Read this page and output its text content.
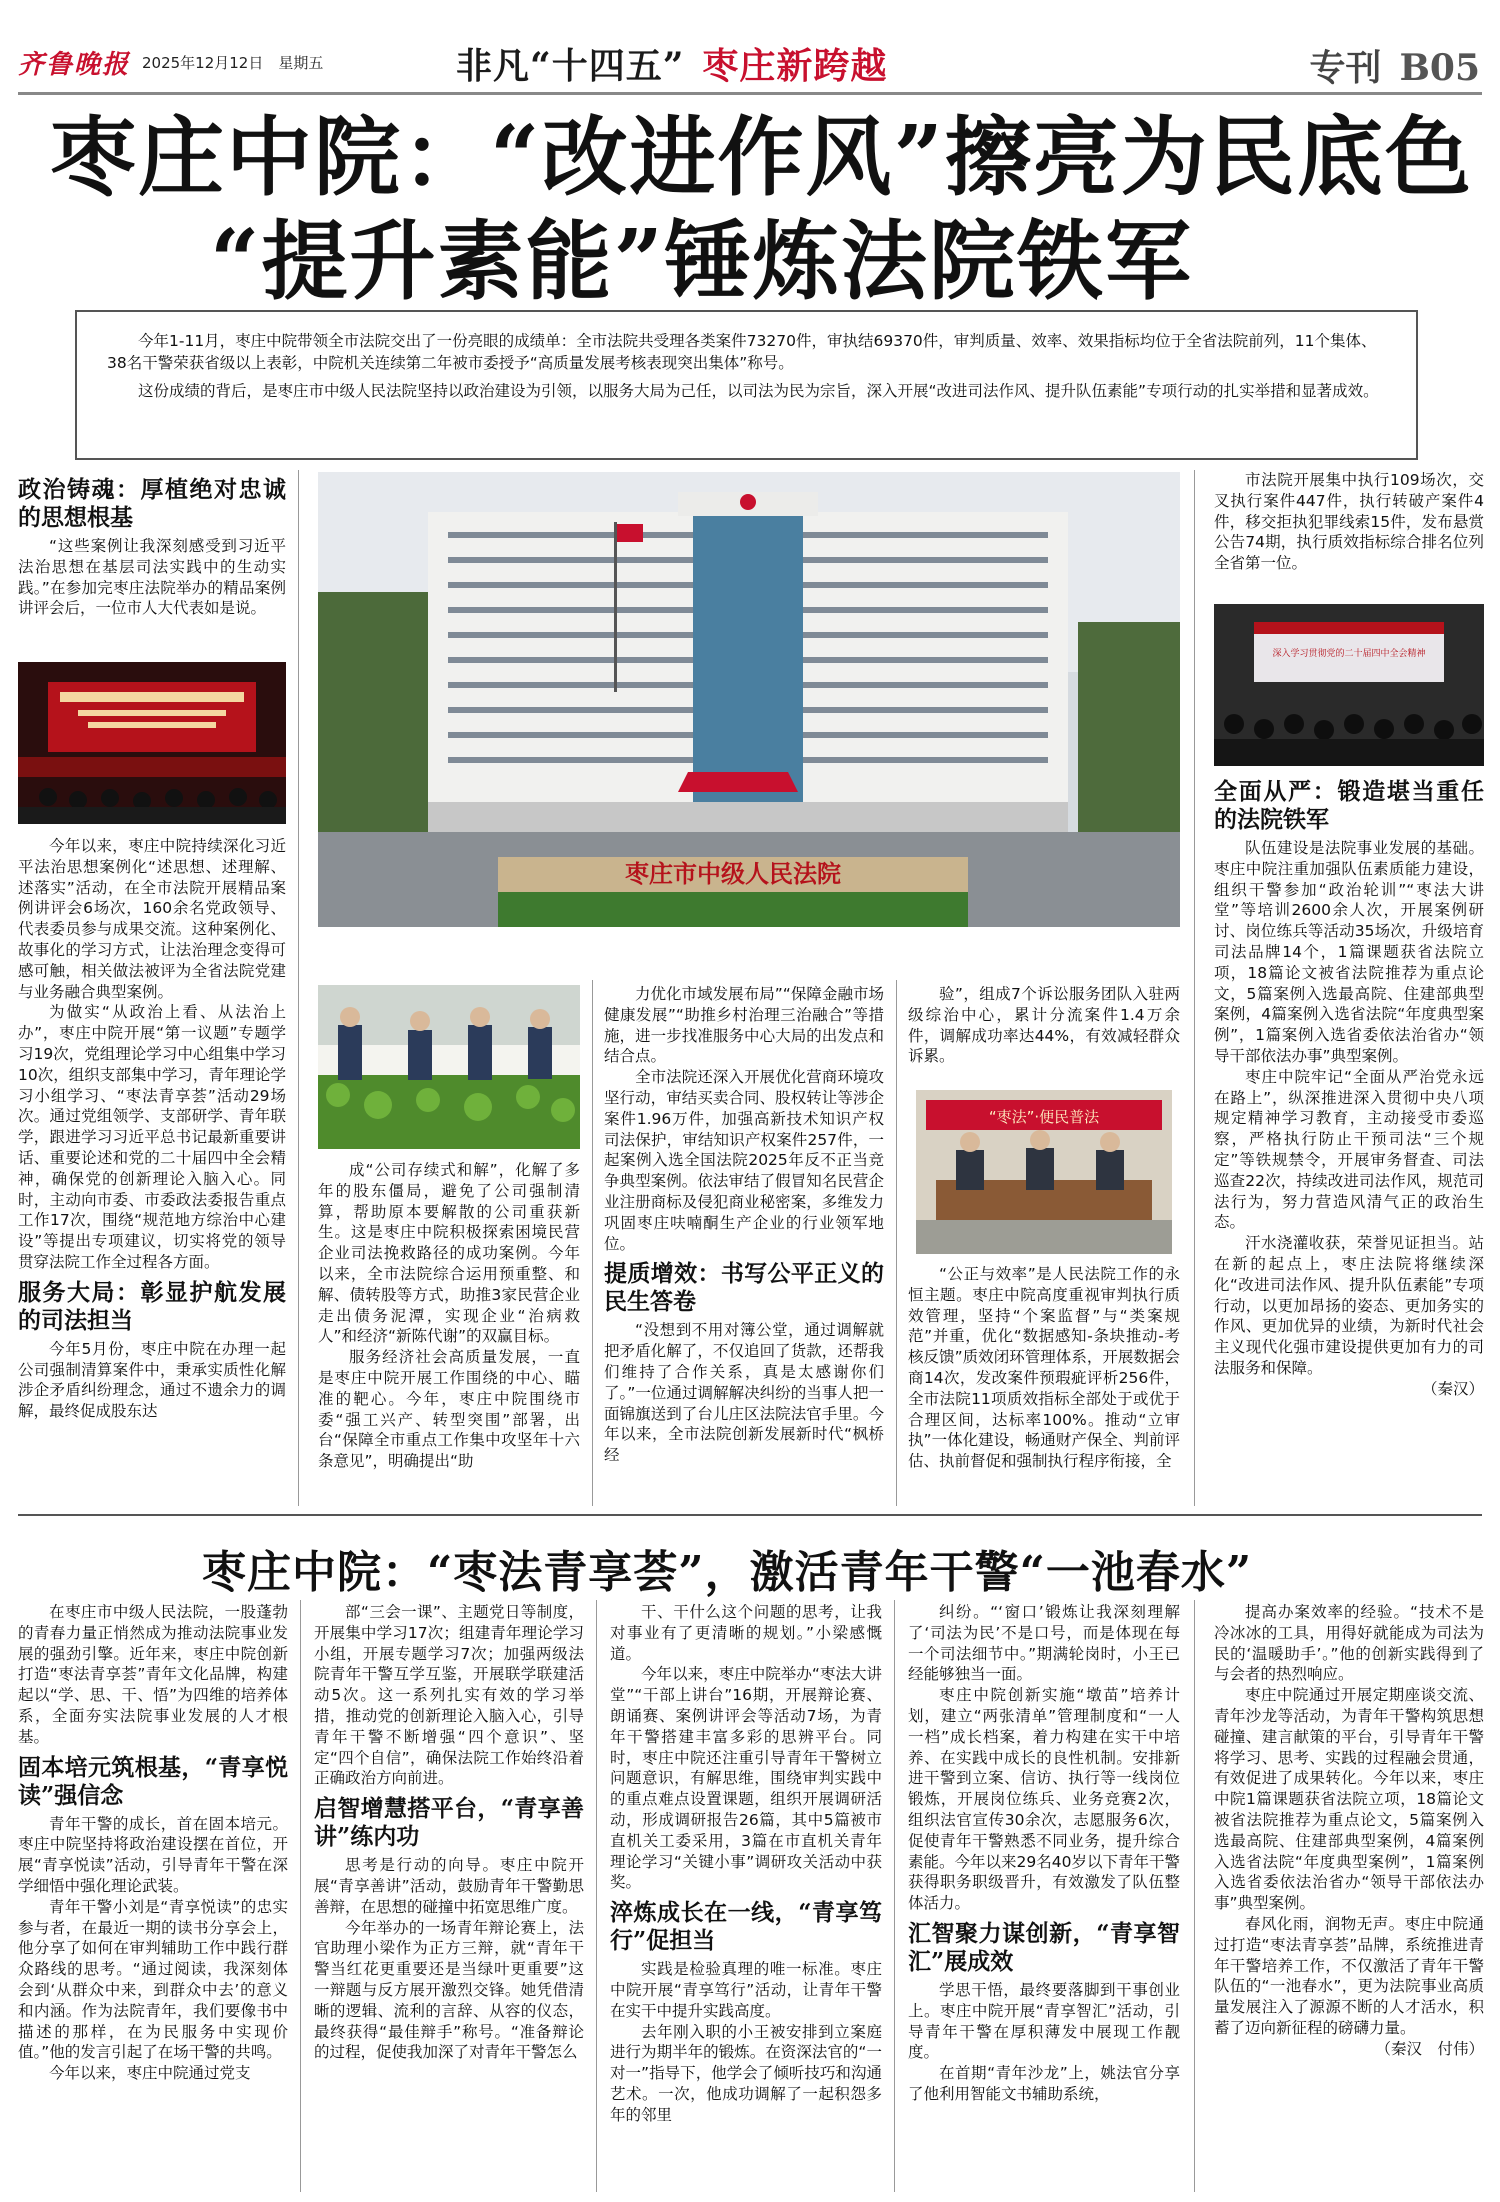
齐鲁晚报 2025年12月12日　 星期五	非凡“十四五” 枣庄新跨越	专刊 B05
枣庄中院：“改进作风”擦亮为民底色
“提升素能”锤炼法院铁军

今年1-11月，枣庄中院带领全市法院交出了一份亮眼的成绩单：全市法院共受理各类案件73270件，审执结69370件，审判质量、效率、效果指标均位于全省法院前列，11个集体、38名干警荣获省级以上表彰，中院机关连续第二年被市委授予“高质量发展考核表现突出集体”称号。

这份成绩的背后，是枣庄市中级人民法院坚持以政治建设为引领，以服务大局为己任，以司法为民为宗旨，深入开展“改进司法作风、提升队伍素能”专项行动的扎实举措和显著成效。

政治铸魂：厚植绝对忠诚的思想根基

“这些案例让我深刻感受到习近平法治思想在基层司法实践中的生动实践。”在参加完枣庄法院举办的精品案例讲评会后，一位市人大代表如是说。

今年以来，枣庄中院持续深化习近平法治思想案例化“述思想、述理解、述落实”活动，在全市法院开展精品案例讲评会6场次，160余名党政领导、代表委员参与成果交流。这种案例化、故事化的学习方式，让法治理念变得可感可触，相关做法被评为全省法院党建与业务融合典型案例。

为做实“从政治上看、从法治上办”，枣庄中院开展“第一议题”专题学习19次，党组理论学习中心组集中学习10次，组织支部集中学习，青年理论学习小组学习、“枣法青享荟”活动29场次。通过党组领学、支部研学、青年联学，跟进学习习近平总书记最新重要讲话、重要论述和党的二十届四中全会精神，确保党的创新理论入脑入心。同时，主动向市委、市委政法委报告重点工作17次，围绕“规范地方综治中心建设”等提出专项建议，切实将党的领导贯穿法院工作全过程各方面。

服务大局：彰显护航发展的司法担当

今年5月份，枣庄中院在办理一起公司强制清算案件中，秉承实质性化解涉企矛盾纠纷理念，通过不遗余力的调解，最终促成股东达

枣庄市中级人民法院

成“公司存续式和解”，化解了多年的股东僵局，避免了公司强制清算，帮助原本要解散的公司重获新生。这是枣庄中院积极探索困境民营企业司法挽救路径的成功案例。今年以来，全市法院综合运用预重整、和解、债转股等方式，助推3家民营企业走出债务泥潭，实现企业“治病救人”和经济“新陈代谢”的双赢目标。

服务经济社会高质量发展，一直是枣庄中院开展工作围绕的中心、瞄准的靶心。今年，枣庄中院围绕市委“强工兴产、转型突围”部署，出台“保障全市重点工作集中攻坚年十六条意见”，明确提出“助

力优化市域发展布局”“保障金融市场健康发展”“助推乡村治理三治融合”等措施，进一步找准服务中心大局的出发点和结合点。

全市法院还深入开展优化营商环境攻坚行动，审结买卖合同、股权转让等涉企案件1.96万件，加强高新技术知识产权司法保护，审结知识产权案件257件，一起案例入选全国法院2025年反不正当竞争典型案例。依法审结了假冒知名民营企业注册商标及侵犯商业秘密案，多维发力巩固枣庄呋喃酮生产企业的行业领军地位。

提质增效：书写公平正义的民生答卷

“没想到不用对簿公堂，通过调解就把矛盾化解了，不仅追回了货款，还帮我们维持了合作关系，真是太感谢你们了。”一位通过调解解决纠纷的当事人把一面锦旗送到了台儿庄区法院法官手里。今年以来，全市法院创新发展新时代“枫桥经

验”，组成7个诉讼服务团队入驻两级综治中心，累计分流案件1.4万余件，调解成功率达44%，有效减轻群众诉累。

“枣法”·便民普法

“公正与效率”是人民法院工作的永恒主题。枣庄中院高度重视审判执行质效管理，坚持“个案监督”与“类案规范”并重，优化“数据感知-条块推动-考核反馈”质效闭环管理体系，开展数据会商14次，发改案件预瑕疵评析256件，全市法院11项质效指标全部处于或优于合理区间，达标率100%。推动“立审执”一体化建设，畅通财产保全、判前评估、执前督促和强制执行程序衔接，全

市法院开展集中执行109场次，交叉执行案件447件，执行转破产案件4件，移交拒执犯罪线索15件，发布悬赏公告74期，执行质效指标综合排名位列全省第一位。

深入学习贯彻党的二十届四中全会精神
全面从严：锻造堪当重任的法院铁军

队伍建设是法院事业发展的基础。枣庄中院注重加强队伍素质能力建设，组织干警参加“政治轮训”“枣法大讲堂”等培训2600余人次，开展案例研讨、岗位练兵等活动35场次，升级培育司法品牌14个，1篇课题获省法院立项，18篇论文被省法院推荐为重点论文，5篇案例入选最高院、住建部典型案例，4篇案例入选省法院“年度典型案例”，1篇案例入选省委依法治省办“领导干部依法办事”典型案例。

枣庄中院牢记“全面从严治党永远在路上”，纵深推进深入贯彻中央八项规定精神学习教育，主动接受市委巡察，严格执行防止干预司法“三个规定”等铁规禁令，开展审务督查、司法巡查22次，持续改进司法作风，规范司法行为，努力营造风清气正的政治生态。

汗水浇灌收获，荣誉见证担当。站在新的起点上，枣庄法院将继续深化“改进司法作风、提升队伍素能”专项行动，以更加昂扬的姿态、更加务实的作风、更加优异的业绩，为新时代社会主义现代化强市建设提供更加有力的司法服务和保障。

（秦汉）
枣庄中院：“枣法青享荟”，激活青年干警“一池春水”

在枣庄市中级人民法院，一股蓬勃的青春力量正悄然成为推动法院事业发展的强劲引擎。近年来，枣庄中院创新打造“枣法青享荟”青年文化品牌，构建起以“学、思、干、悟”为四维的培养体系，全面夯实法院事业发展的人才根基。

固本培元筑根基，“青享悦读”强信念

青年干警的成长，首在固本培元。枣庄中院坚持将政治建设摆在首位，开展“青享悦读”活动，引导青年干警在深学细悟中强化理论武装。

青年干警小刘是“青享悦读”的忠实参与者，在最近一期的读书分享会上，他分享了如何在审判辅助工作中践行群众路线的思考。“通过阅读，我深刻体会到‘从群众中来，到群众中去’的意义和内涵。作为法院青年，我们要像书中描述的那样，在为民服务中实现价值。”他的发言引起了在场干警的共鸣。

今年以来，枣庄中院通过党支

部“三会一课”、主题党日等制度，开展集中学习17次；组建青年理论学习小组，开展专题学习7次；加强两级法院青年干警互学互鉴，开展联学联建活动5次。这一系列扎实有效的学习举措，推动党的创新理论入脑入心，引导青年干警不断增强“四个意识”、坚定“四个自信”，确保法院工作始终沿着正确政治方向前进。

启智增慧搭平台，“青享善讲”练内功

思考是行动的向导。枣庄中院开展“青享善讲”活动，鼓励青年干警勤思善辩，在思想的碰撞中拓宽思维广度。

今年举办的一场青年辩论赛上，法官助理小梁作为正方三辩，就“青年干警当红花更重要还是当绿叶更重要”这一辩题与反方展开激烈交锋。她凭借清晰的逻辑、流利的言辞、从容的仪态，最终获得“最佳辩手”称号。“准备辩论的过程，促使我加深了对青年干警怎么

干、干什么这个问题的思考，让我对事业有了更清晰的规划。”小梁感慨道。

今年以来，枣庄中院举办“枣法大讲堂”“干部上讲台”16期，开展辩论赛、朗诵赛、案例讲评会等活动7场，为青年干警搭建丰富多彩的思辨平台。同时，枣庄中院还注重引导青年干警树立问题意识，有解思维，围绕审判实践中的重点难点设置课题，组织开展调研活动，形成调研报告26篇，其中5篇被市直机关工委采用，3篇在市直机关青年理论学习“关键小事”调研攻关活动中获奖。

淬炼成长在一线，“青享笃行”促担当

实践是检验真理的唯一标准。枣庄中院开展“青享笃行”活动，让青年干警在实干中提升实践高度。

去年刚入职的小王被安排到立案庭进行为期半年的锻炼。在资深法官的“一对一”指导下，他学会了倾听技巧和沟通艺术。一次，他成功调解了一起积怨多年的邻里

纠纷。“‘窗口’锻炼让我深刻理解了‘司法为民’不是口号，而是体现在每一个司法细节中。”期满轮岗时，小王已经能够独当一面。

枣庄中院创新实施“墩苗”培养计划，建立“两张清单”管理制度和“一人一档”成长档案，着力构建在实干中培养、在实践中成长的良性机制。安排新进干警到立案、信访、执行等一线岗位锻炼，开展岗位练兵、业务竞赛2次，组织法官宣传30余次，志愿服务6次，促使青年干警熟悉不同业务，提升综合素能。今年以来29名40岁以下青年干警获得职务职级晋升，有效激发了队伍整体活力。

汇智聚力谋创新，“青享智汇”展成效

学思干悟，最终要落脚到干事创业上。枣庄中院开展“青享智汇”活动，引导青年干警在厚积薄发中展现工作靓度。

在首期“青年沙龙”上，姚法官分享了他利用智能文书辅助系统，

提高办案效率的经验。“技术不是冷冰冰的工具，用得好就能成为司法为民的‘温暖助手’。”他的创新实践得到了与会者的热烈响应。

枣庄中院通过开展定期座谈交流、青年沙龙等活动，为青年干警构筑思想碰撞、建言献策的平台，引导青年干警将学习、思考、实践的过程融会贯通，有效促进了成果转化。今年以来，枣庄中院1篇课题获省法院立项，18篇论文被省法院推荐为重点论文，5篇案例入选最高院、住建部典型案例，4篇案例入选省法院“年度典型案例”，1篇案例入选省委依法治省办“领导干部依法办事”典型案例。

春风化雨，润物无声。枣庄中院通过打造“枣法青享荟”品牌，系统推进青年干警培养工作，不仅激活了青年干警队伍的“一池春水”，更为法院事业高质量发展注入了源源不断的人才活水，积蓄了迈向新征程的磅礴力量。

（秦汉　付伟）
